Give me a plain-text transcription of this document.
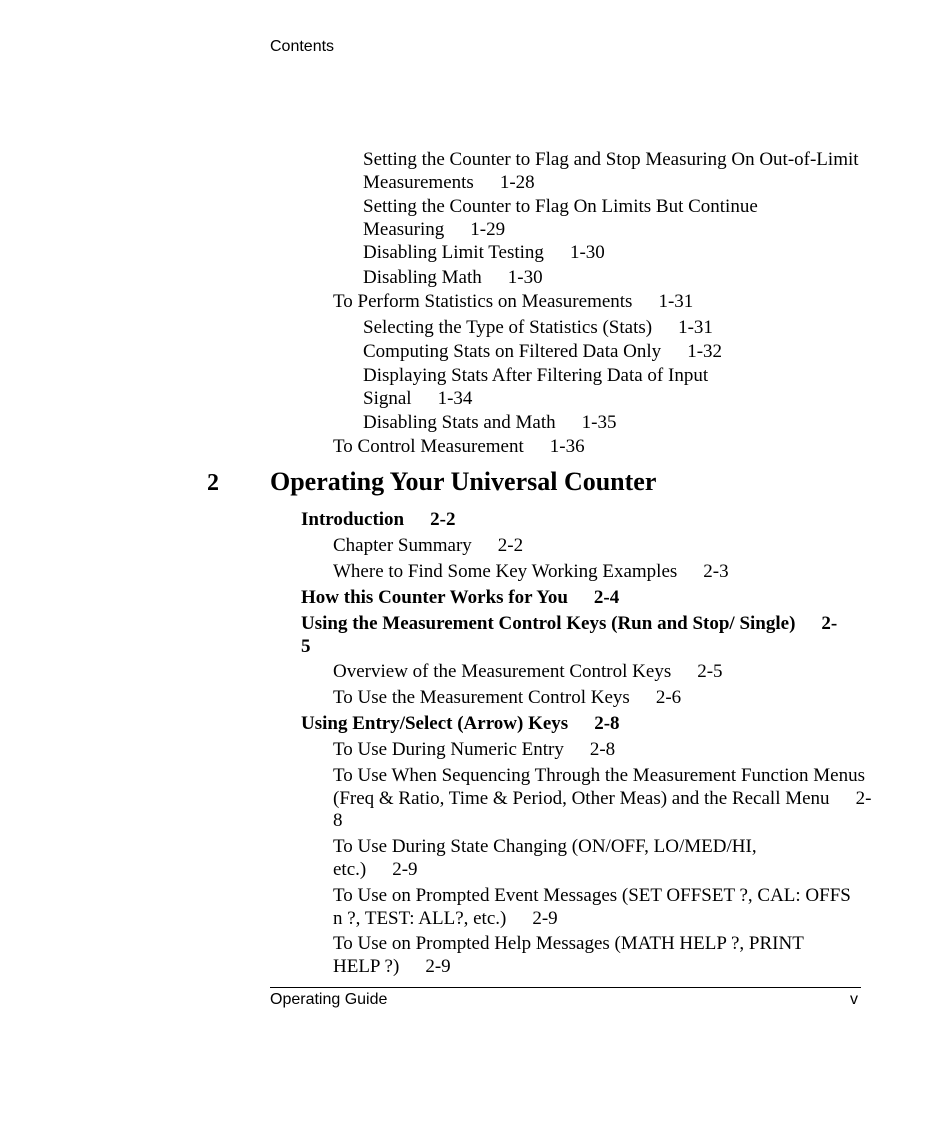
Contents

Setting the Counter to Flag and Stop Measuring On Out-of-Limit Measurements 1-28

Setting the Counter to Flag On Limits But Continue Measuring 1-29

Disabling Limit Testing 1-30

Disabling Math 1-30

To Perform Statistics on Measurements 1-31

Selecting the Type of Statistics (Stats) 1-31

Computing Stats on Filtered Data Only 1-32

Displaying Stats After Filtering Data of Input Signal 1-34

Disabling Stats and Math 1-35

To Control Measurement 1-36

2 Operating Your Universal Counter

Introduction 2-2

Chapter Summary 2-2

Where to Find Some Key Working Examples 2-3

How this Counter Works for You 2-4

Using the Measurement Control Keys (Run and Stop/ Single) 2-5

Overview of the Measurement Control Keys 2-5

To Use the Measurement Control Keys 2-6

Using Entry/Select (Arrow) Keys 2-8

To Use During Numeric Entry 2-8

To Use When Sequencing Through the Measurement Function Menus (Freq & Ratio, Time & Period, Other Meas) and the Recall Menu 2-8

To Use During State Changing (ON/OFF, LO/MED/HI, etc.) 2-9

To Use on Prompted Event Messages (SET OFFSET ?, CAL: OFFS n ?, TEST: ALL?, etc.) 2-9

To Use on Prompted Help Messages (MATH HELP ?, PRINT HELP ?) 2-9

Operating Guide	v
